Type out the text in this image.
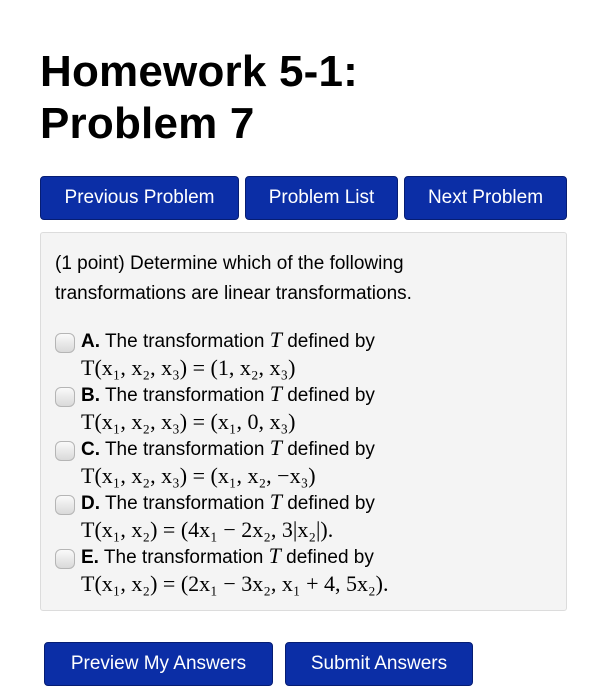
Homework 5-1:
Problem 7
Previous Problem	Problem List	Next Problem

(1 point) Determine which of the following transformations are linear transformations.

A. The transformation T defined by
T(x₁, x₂, x₃) = (1, x₂, x₃)
B. The transformation T defined by
T(x₁, x₂, x₃) = (x₁, 0, x₃)
C. The transformation T defined by
T(x₁, x₂, x₃) = (x₁, x₂, −x₃)
D. The transformation T defined by
T(x₁, x₂) = (4x₁ − 2x₂, 3|x₂|).
E. The transformation T defined by
T(x₁, x₂) = (2x₁ − 3x₂, x₁ + 4, 5x₂).
Preview My Answers	Submit Answers
